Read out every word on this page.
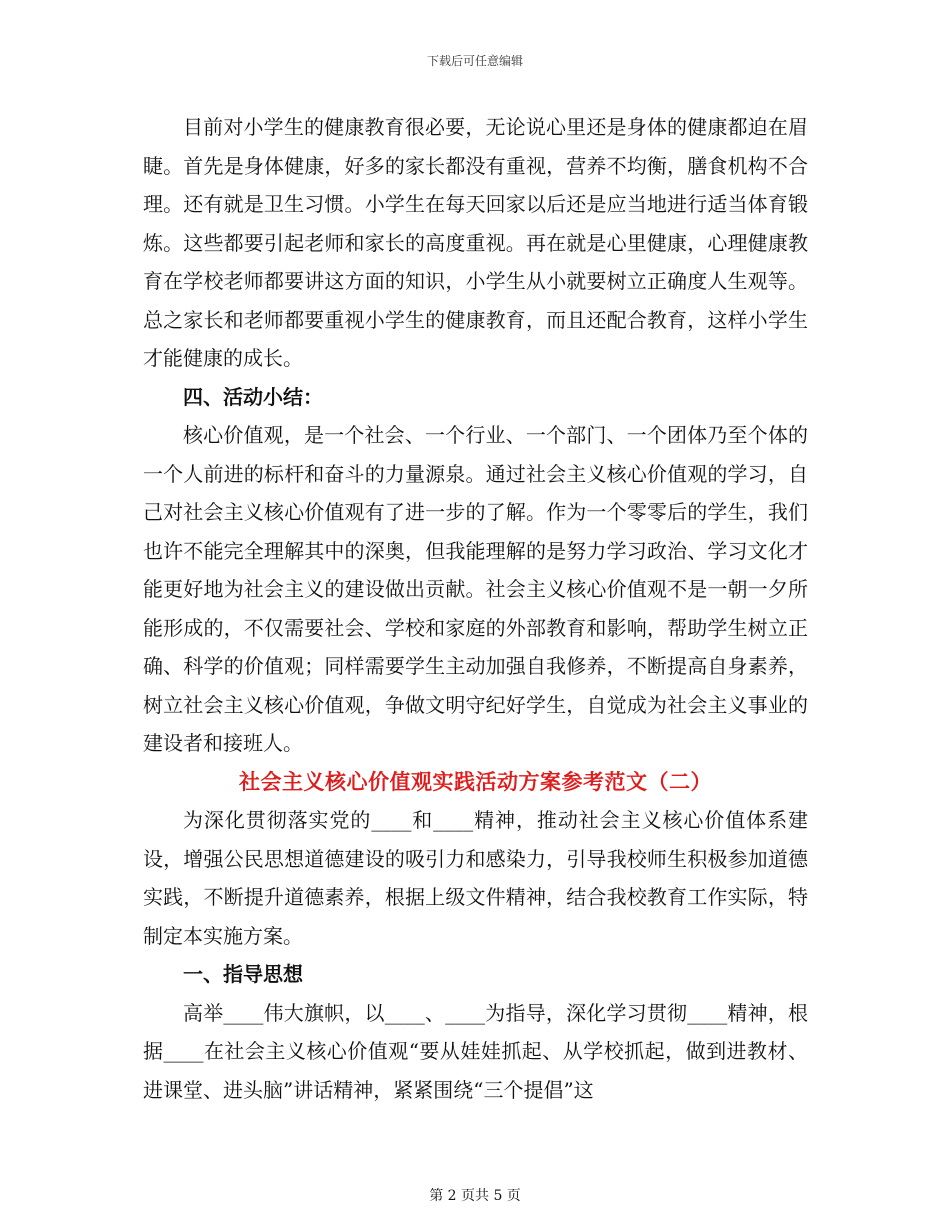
下载后可任意编辑

目前对小学生的健康教育很必要，无论说心里还是身体的健康都迫在眉睫。首先是身体健康，好多的家长都没有重视，营养不均衡，膳食机构不合理。还有就是卫生习惯。小学生在每天回家以后还是应当地进行适当体育锻炼。这些都要引起老师和家长的高度重视。再在就是心里健康，心理健康教育在学校老师都要讲这方面的知识，小学生从小就要树立正确度人生观等。总之家长和老师都要重视小学生的健康教育，而且还配合教育，这样小学生才能健康的成长。

四、活动小结：

核心价值观，是一个社会、一个行业、一个部门、一个团体乃至个体的一个人前进的标杆和奋斗的力量源泉。通过社会主义核心价值观的学习，自己对社会主义核心价值观有了进一步的了解。作为一个零零后的学生，我们也许不能完全理解其中的深奥，但我能理解的是努力学习政治、学习文化才能更好地为社会主义的建设做出贡献。社会主义核心价值观不是一朝一夕所能形成的，不仅需要社会、学校和家庭的外部教育和影响，帮助学生树立正确、科学的价值观；同样需要学生主动加强自我修养，不断提高自身素养，树立社会主义核心价值观，争做文明守纪好学生，自觉成为社会主义事业的建设者和接班人。

社会主义核心价值观实践活动方案参考范文（二）

为深化贯彻落实党的____和____精神，推动社会主义核心价值体系建设，增强公民思想道德建设的吸引力和感染力，引导我校师生积极参加道德实践，不断提升道德素养，根据上级文件精神，结合我校教育工作实际，特制定本实施方案。

一、指导思想

高举____伟大旗帜，以____、____为指导，深化学习贯彻____精神，根据____在社会主义核心价值观“要从娃娃抓起、从学校抓起，做到进教材、进课堂、进头脑”讲话精神，紧紧围绕“三个提倡”这

第 2 页共 5 页
